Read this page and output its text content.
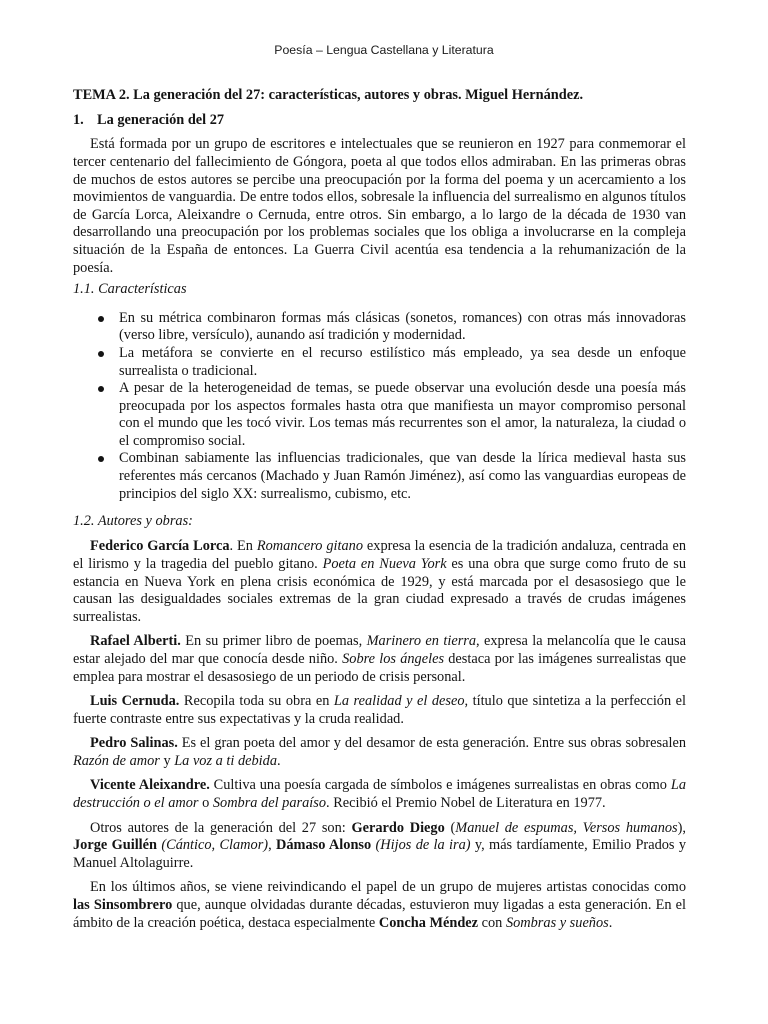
Poesía – Lengua Castellana y Literatura

TEMA 2. La generación del 27: características, autores y obras. Miguel Hernández.

1. La generación del 27

Está formada por un grupo de escritores e intelectuales que se reunieron en 1927 para conmemorar el tercer centenario del fallecimiento de Góngora, poeta al que todos ellos admiraban. En las primeras obras de muchos de estos autores se percibe una preocupación por la forma del poema y un acercamiento a los movimientos de vanguardia. De entre todos ellos, sobresale la influencia del surrealismo en algunos títulos de García Lorca, Aleixandre o Cernuda, entre otros. Sin embargo, a lo largo de la década de 1930 van desarrollando una preocupación por los problemas sociales que los obliga a involucrarse en la compleja situación de la España de entonces. La Guerra Civil acentúa esa tendencia a la rehumanización de la poesía.

1.1. Características

En su métrica combinaron formas más clásicas (sonetos, romances) con otras más innovadoras (verso libre, versículo), aunando así tradición y modernidad.
La metáfora se convierte en el recurso estilístico más empleado, ya sea desde un enfoque surrealista o tradicional.
A pesar de la heterogeneidad de temas, se puede observar una evolución desde una poesía más preocupada por los aspectos formales hasta otra que manifiesta un mayor compromiso personal con el mundo que les tocó vivir. Los temas más recurrentes son el amor, la naturaleza, la ciudad o el compromiso social.
Combinan sabiamente las influencias tradicionales, que van desde la lírica medieval hasta sus referentes más cercanos (Machado y Juan Ramón Jiménez), así como las vanguardias europeas de principios del siglo XX: surrealismo, cubismo, etc.

1.2. Autores y obras:

Federico García Lorca. En Romancero gitano expresa la esencia de la tradición andaluza, centrada en el lirismo y la tragedia del pueblo gitano. Poeta en Nueva York es una obra que surge como fruto de su estancia en Nueva York en plena crisis económica de 1929, y está marcada por el desasosiego que le causan las desigualdades sociales extremas de la gran ciudad expresado a través de crudas imágenes surrealistas.

Rafael Alberti. En su primer libro de poemas, Marinero en tierra, expresa la melancolía que le causa estar alejado del mar que conocía desde niño. Sobre los ángeles destaca por las imágenes surrealistas que emplea para mostrar el desasosiego de un periodo de crisis personal.

Luis Cernuda. Recopila toda su obra en La realidad y el deseo, título que sintetiza a la perfección el fuerte contraste entre sus expectativas y la cruda realidad.

Pedro Salinas. Es el gran poeta del amor y del desamor de esta generación. Entre sus obras sobresalen Razón de amor y La voz a ti debida.

Vicente Aleixandre. Cultiva una poesía cargada de símbolos e imágenes surrealistas en obras como La destrucción o el amor o Sombra del paraíso. Recibió el Premio Nobel de Literatura en 1977.

Otros autores de la generación del 27 son: Gerardo Diego (Manuel de espumas, Versos humanos), Jorge Guillén (Cántico, Clamor), Dámaso Alonso (Hijos de la ira) y, más tardíamente, Emilio Prados y Manuel Altolaguirre.

En los últimos años, se viene reivindicando el papel de un grupo de mujeres artistas conocidas como las Sinsombrero que, aunque olvidadas durante décadas, estuvieron muy ligadas a esta generación. En el ámbito de la creación poética, destaca especialmente Concha Méndez con Sombras y sueños.
